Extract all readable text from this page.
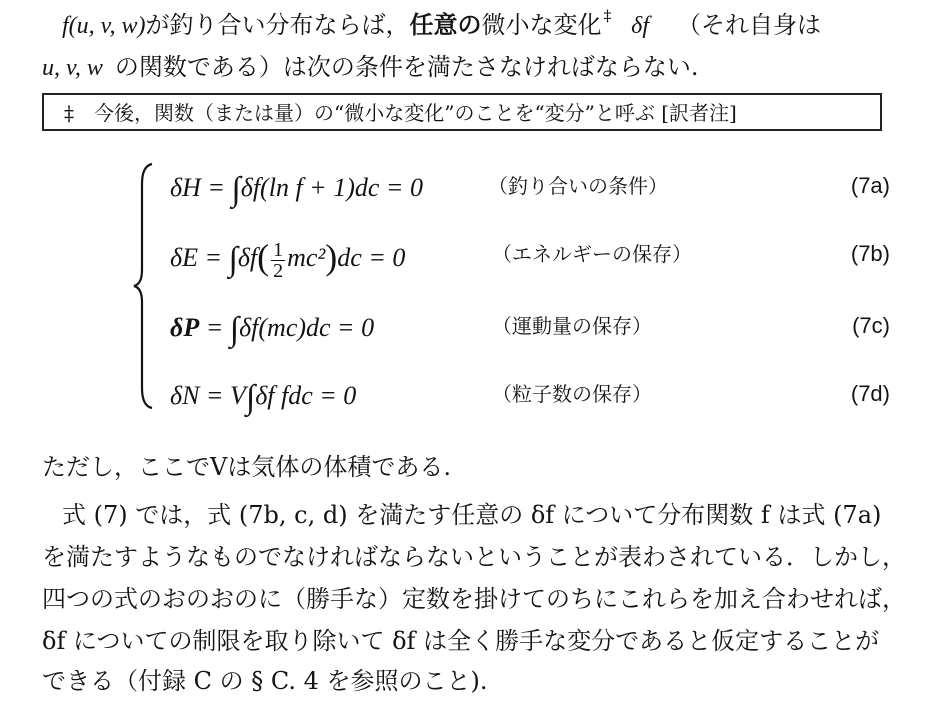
f(u, v, w)が釣り合い分布ならば，任意の微小な変化 ‡ δf （それ自身は
u, v, w の関数である）は次の条件を満たさなければならない.
‡　今後，関数（または量）の“微小な変化”のことを“変分”と呼ぶ [訳者注]
δH = ∫δf(ln f + 1)dc = 0	（釣り合いの条件）	(7a)
$\delta E = \int\delta f( \frac{1}{2} mc^2)dc = 0$	（エネルギーの保存）	(7b)
δP = ∫δf(mc)dc = 0	（運動量の保存）	(7c)
δN = V∫δf fdc = 0	（粒子数の保存）	(7d)
ただし，ここでVは気体の体積である.
式 (7) では，式 (7b, c, d) を満たす任意の δf について分布関数 f は式 (7a)
を満たすようなものでなければならないということが表わされている．しかし，
四つの式のおのおのに（勝手な）定数を掛けてのちにこれらを加え合わせれば，
δf についての制限を取り除いて δf は全く勝手な変分であると仮定することが
できる（付録 C の § C. 4 を参照のこと).
